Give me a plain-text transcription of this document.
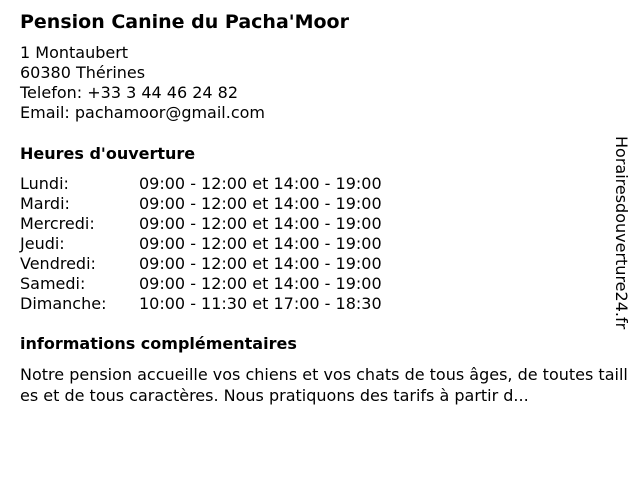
Pension Canine du Pacha'Moor
1 Montaubert
60380 Thérines
Telefon: +33 3 44 46 24 82
Email: pachamoor@gmail.com
Heures d'ouverture
Lundi:	09:00 - 12:00 et 14:00 - 19:00
Mardi:	09:00 - 12:00 et 14:00 - 19:00
Mercredi:	09:00 - 12:00 et 14:00 - 19:00
Jeudi:	09:00 - 12:00 et 14:00 - 19:00
Vendredi:	09:00 - 12:00 et 14:00 - 19:00
Samedi:	09:00 - 12:00 et 14:00 - 19:00
Dimanche: 10:00 - 11:30 et 17:00 - 18:30
informations complémentaires
Notre pension accueille vos chiens et vos chats de tous âges, de toutes tailles et de tous caractères. Nous pratiquons des tarifs à partir d...
Horairesdouverture24.fr
